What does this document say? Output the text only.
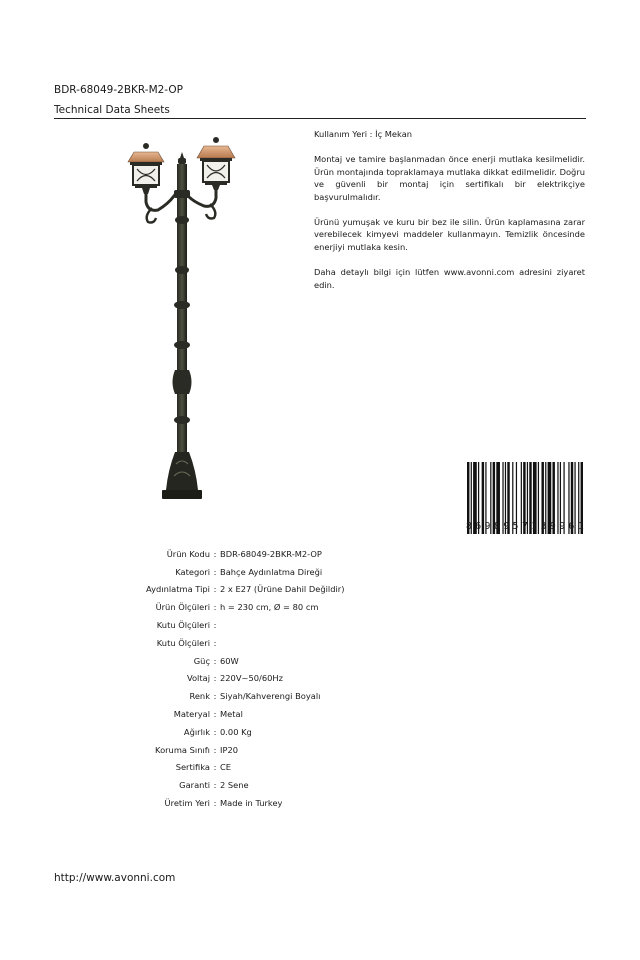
BDR-68049-2BKR-M2-OP
Technical Data Sheets

Kullanım Yeri : İç Mekan

Montaj ve tamire başlanmadan önce enerji mutlaka kesilmelidir. Ürün montajında topraklamaya mutlaka dikkat edilmelidir. Doğru ve güvenli bir montaj için sertifikalı bir elektrikçiye başvurulmalıdır.

Ürünü yumuşak ve kuru bir bez ile silin. Ürün kaplamasına zarar verebilecek kimyevi maddeler kullanmayın. Temizlik öncesinde enerjiyi mutlaka kesin.

Daha detaylı bilgi için lütfen www.avonni.com adresini ziyaret edin.

8 6 9 8 9 5 7 1 3 9 9 6 1
Ürün Kodu : BDR-68049-2BKR-M2-OP
Kategori : Bahçe Aydınlatma Direği
Aydınlatma Tipi : 2 x E27 (Ürüne Dahil Değildir)
Ürün Ölçüleri : h = 230 cm, Ø = 80 cm
Kutu Ölçüleri :
Kutu Ölçüleri :
Güç : 60W
Voltaj : 220V~50/60Hz
Renk : Siyah/Kahverengi Boyalı
Materyal : Metal
Ağırlık : 0.00 Kg
Koruma Sınıfı : IP20
Sertifika : CE
Garanti : 2 Sene
Üretim Yeri : Made in Turkey
http://www.avonni.com
